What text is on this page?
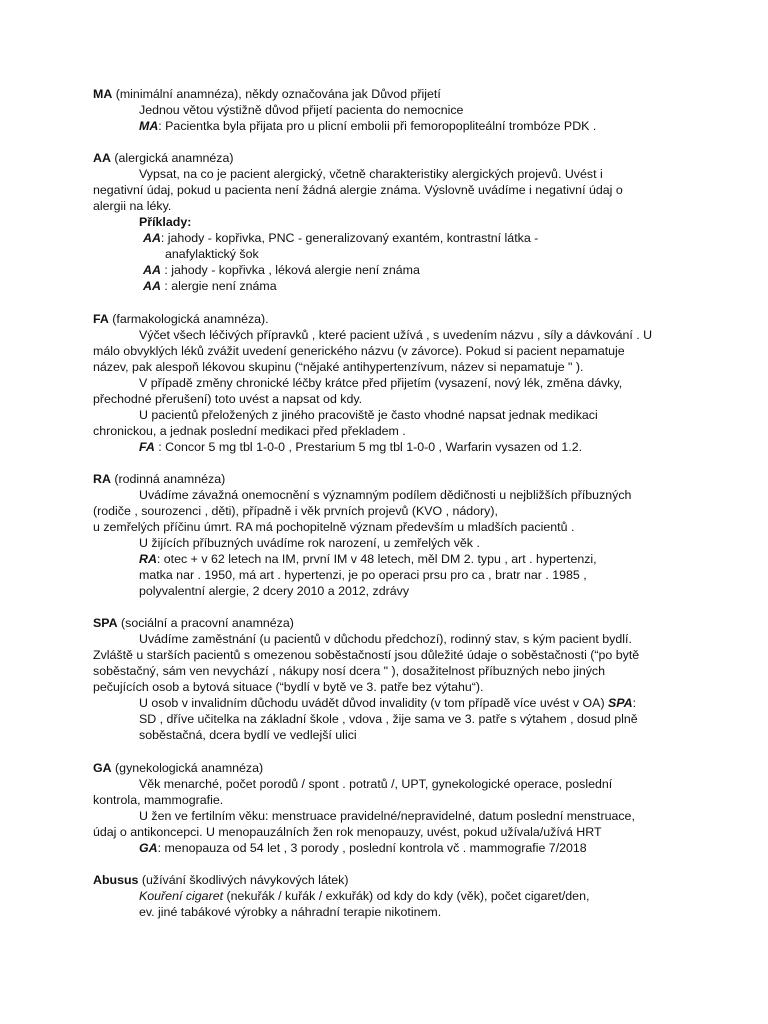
MA (minimální anamnéza), někdy označována jak Důvod přijetí
Jednou větou výstižně důvod přijetí pacienta do nemocnice
MA: Pacientka byla přijata pro u plicní embolii při femoropopliteální trombóze PDK .
AA (alergická anamnéza)
Vypsat, na co je pacient alergický, včetně charakteristiky alergických projevů. Uvést i
negativní údaj, pokud u pacienta není žádná alergie známa. Výslovně uvádíme i negativní údaj o
alergii na léky.
Příklady:
AA: jahody - kopřivka, PNC - generalizovaný exantém, kontrastní látka -
anafylaktický šok
AA : jahody - kopřivka , léková alergie není známa
AA : alergie není známa
FA (farmakologická anamnéza).
Výčet všech léčivých přípravků , které pacient užívá , s uvedením názvu , síly a dávkování . U
málo obvyklých léků zvážit uvedení generického názvu (v závorce). Pokud si pacient nepamatuje
název, pak alespoň lékovou skupinu (“nějaké antihypertenzívum, název si nepamatuje " ).
V případě změny chronické léčby krátce před přijetím (vysazení, nový lék, změna dávky,
přechodné přerušení) toto uvést a napsat od kdy.
U pacientů přeložených z jiného pracoviště je často vhodné napsat jednak medikaci
chronickou, a jednak poslední medikaci před překladem .
FA : Concor 5 mg tbl 1-0-0 , Prestarium 5 mg tbl 1-0-0 , Warfarin vysazen od 1.2.
RA (rodinná anamnéza)
Uvádíme závažná onemocnění s významným podílem dědičnosti u nejbližších příbuzných
(rodiče , sourozenci , děti), případně i věk prvních projevů (KVO , nádory),
u zemřelých příčinu úmrt. RA má pochopitelně význam především u mladších pacientů .
U žijících příbuzných uvádíme rok narození, u zemřelých věk .
RA: otec + v 62 letech na IM, první IM v 48 letech, měl DM 2. typu , art . hypertenzi,
matka nar . 1950, má art . hypertenzi, je po operaci prsu pro ca , bratr nar . 1985 ,
polyvalentní alergie, 2 dcery 2010 a 2012, zdrávy
SPA (sociální a pracovní anamnéza)
Uvádíme zaměstnání (u pacientů v důchodu předchozí), rodinný stav, s kým pacient bydlí.
Zvláště u starších pacientů s omezenou soběstačností jsou důležité údaje o soběstačnosti (“po bytě
soběstačný, sám ven nevychází , nákupy nosí dcera " ), dosažitelnost příbuzných nebo jiných
pečujících osob a bytová situace (“bydlí v bytě ve 3. patře bez výtahu“).
U osob v invalidním důchodu uvádět důvod invalidity (v tom případě více uvést v OA) SPA:
SD , dříve učitelka na základní škole , vdova , žije sama ve 3. patře s výtahem , dosud plně
soběstačná, dcera bydlí ve vedlejší ulici
GA (gynekologická anamnéza)
Věk menarché, počet porodů / spont . potratů /, UPT, gynekologické operace, poslední
kontrola, mammografie.
U žen ve fertilním věku: menstruace pravidelné/nepravidelné, datum poslední menstruace,
údaj o antikoncepci. U menopauzálních žen rok menopauzy, uvést, pokud užívala/užívá HRT
GA: menopauza od 54 let , 3 porody , poslední kontrola vč . mammografie 7/2018
Abusus (užívání škodlivých návykových látek)
Kouření cigaret (nekuřák / kuřák / exkuřák) od kdy do kdy (věk), počet cigaret/den,
ev. jiné tabákové výrobky a náhradní terapie nikotinem.
